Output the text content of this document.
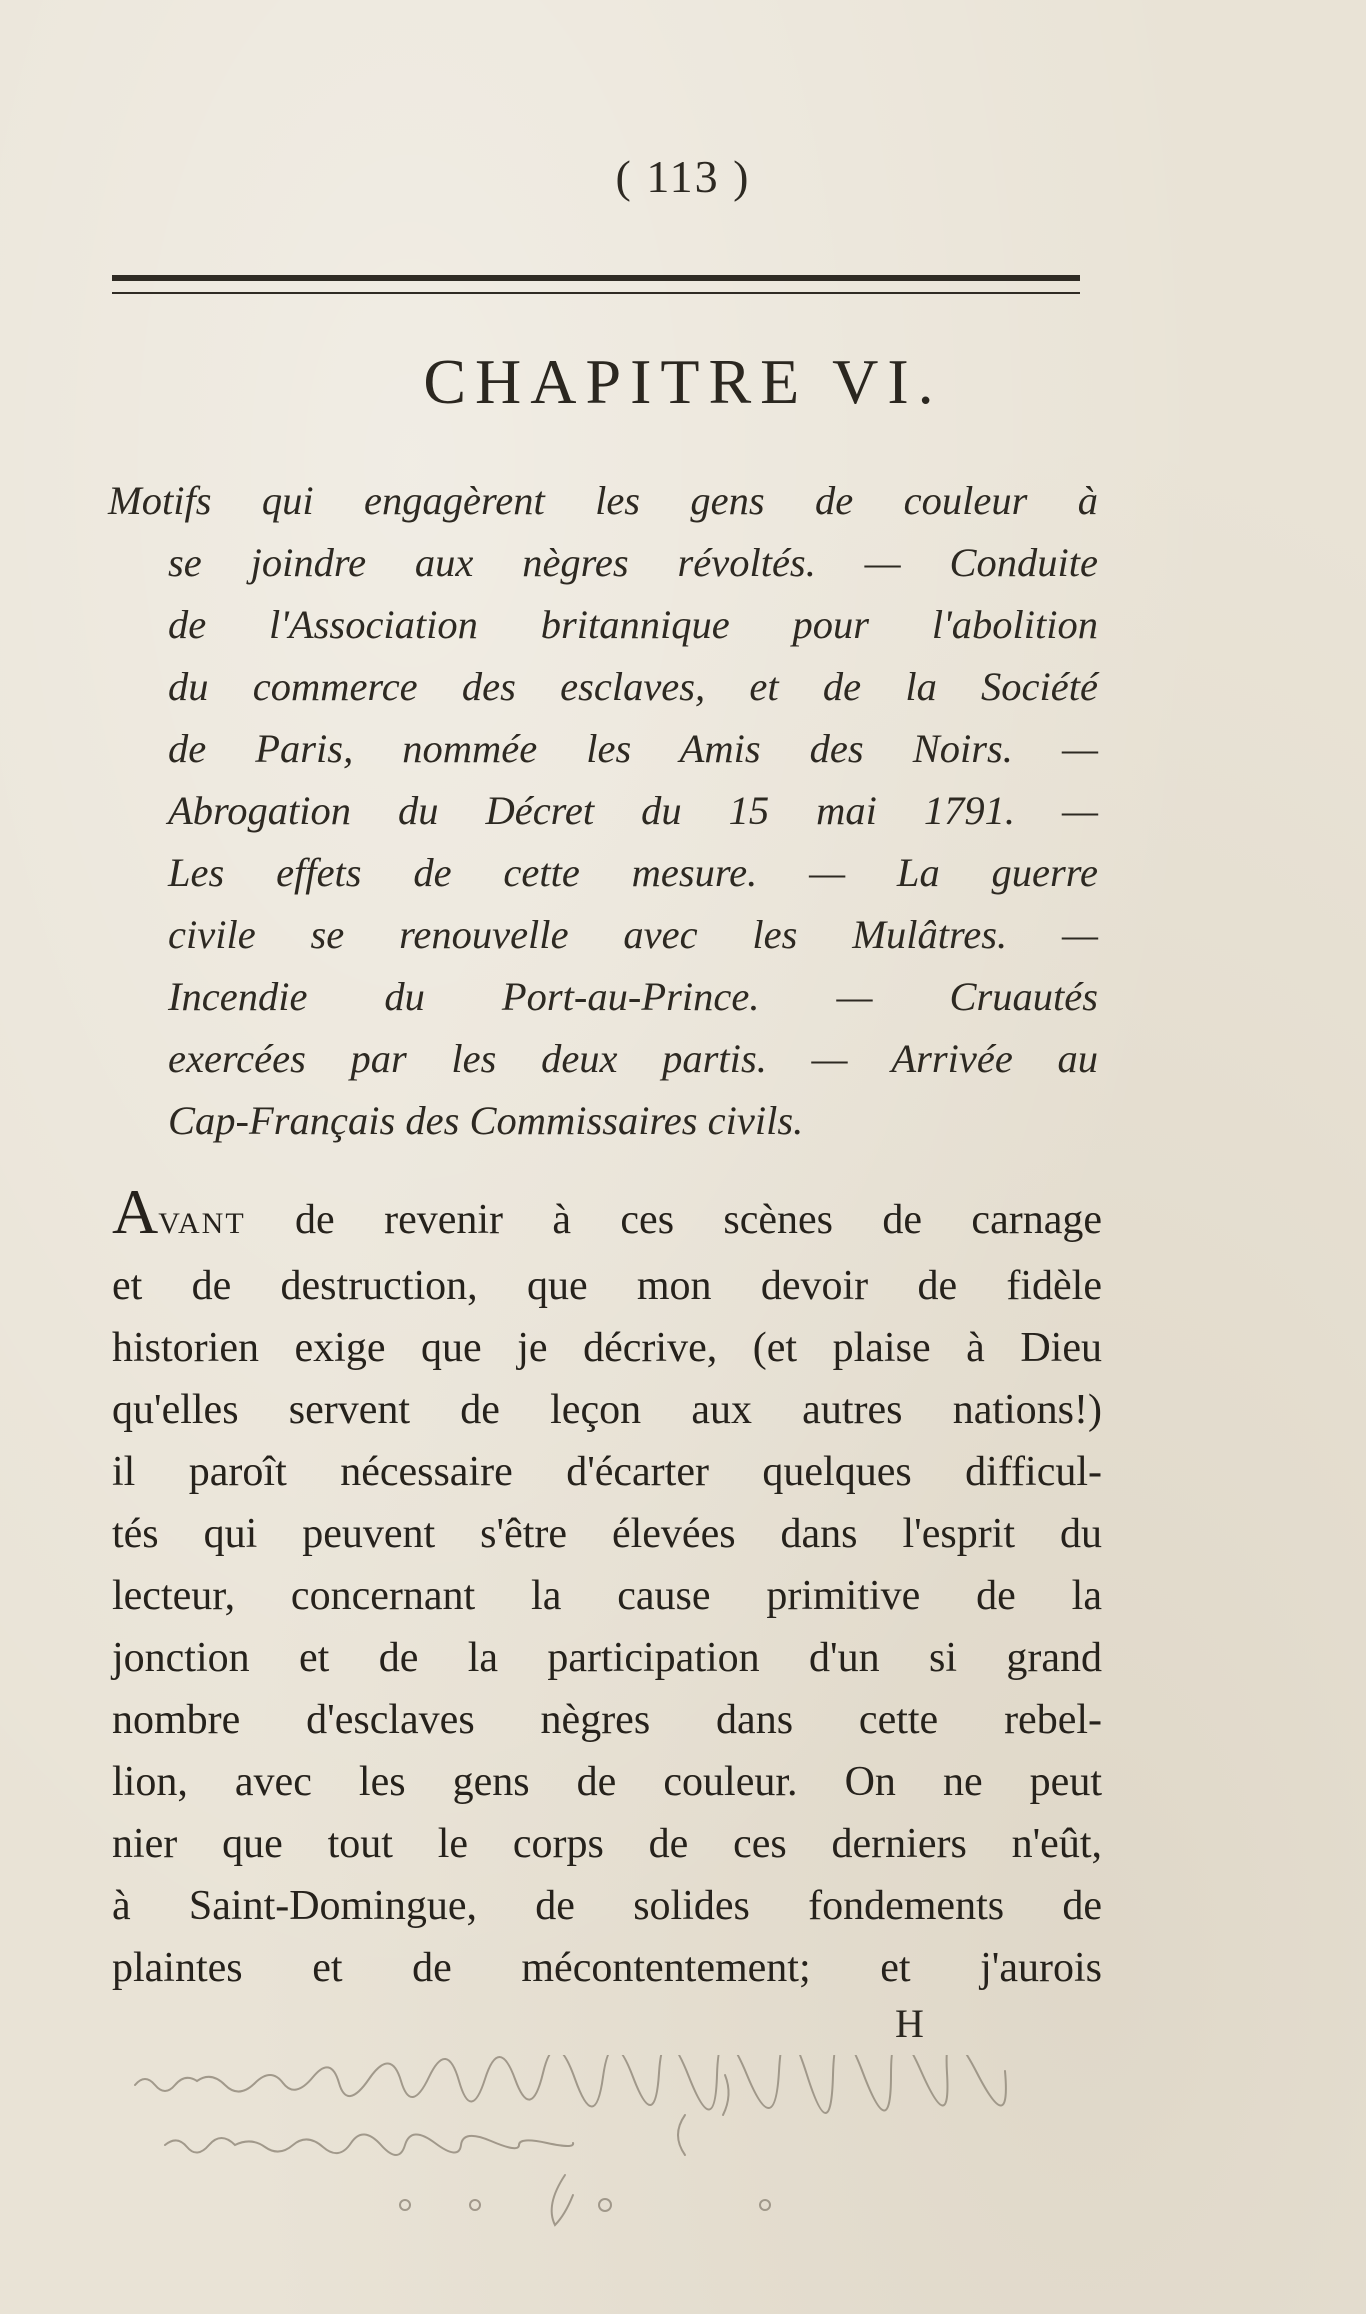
( 113 )
CHAPITRE VI.
Motifs qui engagèrent les gens de couleur à
se joindre aux nègres révoltés. — Conduite
de l'Association britannique pour l'abolition
du commerce des esclaves, et de la Société
de Paris, nommée les Amis des Noirs. —
Abrogation du Décret du 15 mai 1791. —
Les effets de cette mesure. — La guerre
civile se renouvelle avec les Mulâtres. —
Incendie du Port-au-Prince. — Cruautés
exercées par les deux partis. — Arrivée au
Cap-Français des Commissaires civils.
AVANT de revenir à ces scènes de carnage
et de destruction, que mon devoir de fidèle
historien exige que je décrive, (et plaise à Dieu
qu'elles servent de leçon aux autres nations!)
il paroît nécessaire d'écarter quelques difficul-
tés qui peuvent s'être élevées dans l'esprit du
lecteur, concernant la cause primitive de la
jonction et de la participation d'un si grand
nombre d'esclaves nègres dans cette rebel-
lion, avec les gens de couleur. On ne peut
nier que tout le corps de ces derniers n'eût,
à Saint-Domingue, de solides fondements de
plaintes et de mécontentement; et j'aurois
H
